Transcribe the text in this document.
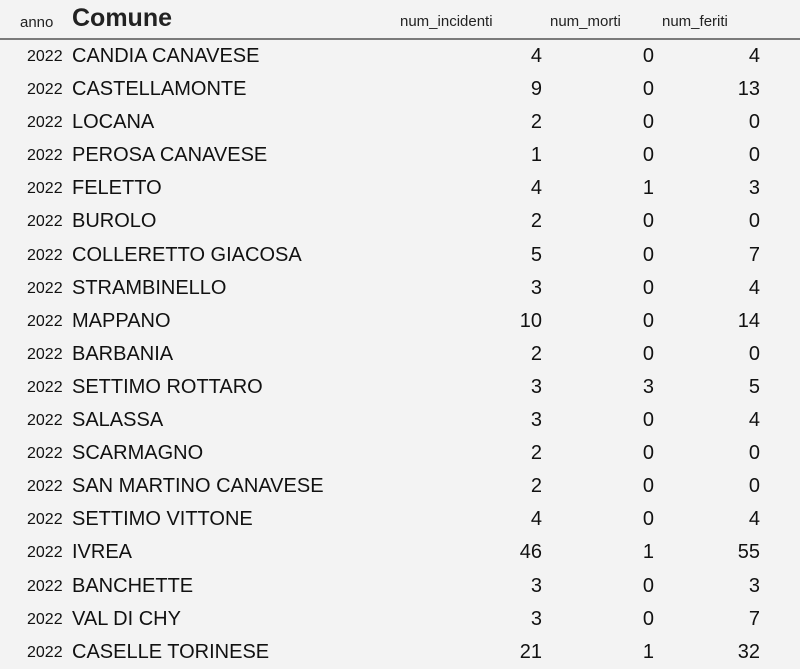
anno Comune	num_incidenti	num_morti	num_feriti
2022 CANDIA CANAVESE	4	0	4
2022 CASTELLAMONTE	9	0	13
2022 LOCANA	2	0	0
2022 PEROSA CANAVESE	1	0	0
2022 FELETTO	4	1	3
2022 BUROLO	2	0	0
2022 COLLERETTO GIACOSA	5	0	7
2022 STRAMBINELLO	3	0	4
2022 MAPPANO	10	0	14
2022 BARBANIA	2	0	0
2022 SETTIMO ROTTARO	3	3	5
2022 SALASSA	3	0	4
2022 SCARMAGNO	2	0	0
2022 SAN MARTINO CANAVESE	2	0	0
2022 SETTIMO VITTONE	4	0	4
2022 IVREA	46	1	55
2022 BANCHETTE	3	0	3
2022 VAL DI CHY	3	0	7
2022 CASELLE TORINESE	21	1	32
